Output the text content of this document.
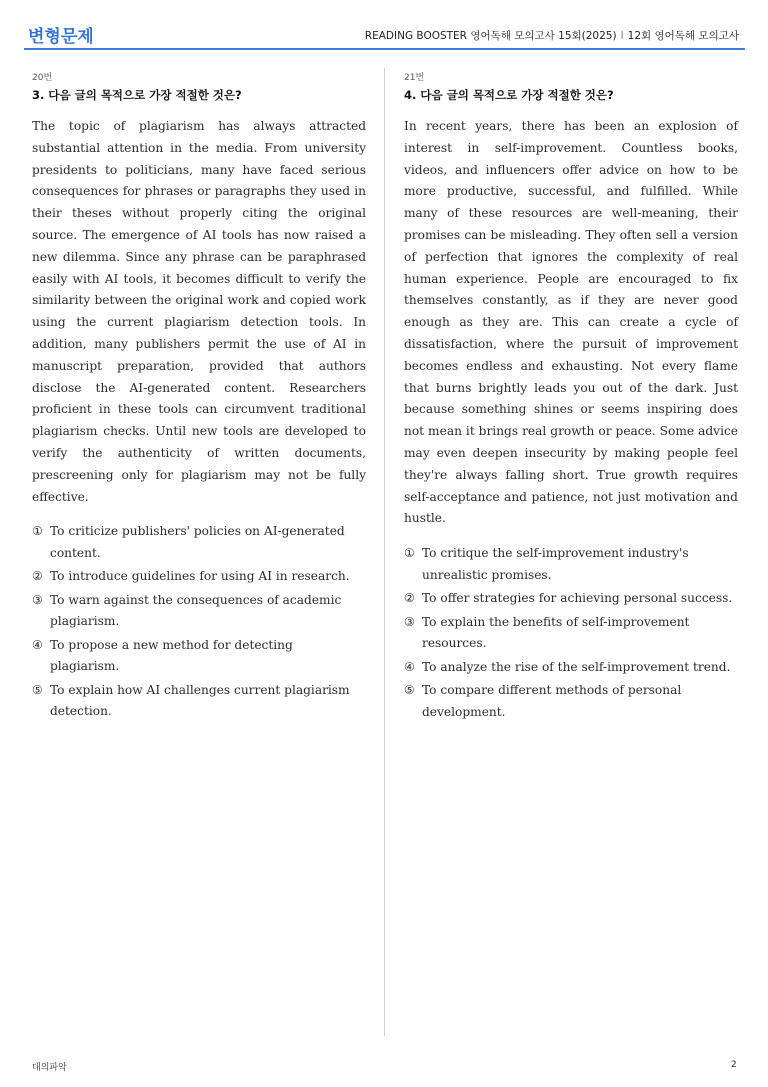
변형문제	READING BOOSTER 영어독해 모의고사 15회(2025) I 12회 영어독해 모의고사
20번
3. 다음 글의 목적으로 가장 적절한 것은?

The topic of plagiarism has always attracted substantial attention in the media. From university presidents to politicians, many have faced serious consequences for phrases or paragraphs they used in their theses without properly citing the original source. The emergence of AI tools has now raised a new dilemma. Since any phrase can be paraphrased easily with AI tools, it becomes difficult to verify the similarity between the original work and copied work using the current plagiarism detection tools. In addition, many publishers permit the use of AI in manuscript preparation, provided that authors disclose the AI-generated content. Researchers proficient in these tools can circumvent traditional plagiarism checks. Until new tools are developed to verify the authenticity of written documents, prescreening only for plagiarism may not be fully effective.

① To criticize publishers' policies on AI-generated content.
② To introduce guidelines for using AI in research.
③ To warn against the consequences of academic plagiarism.
④ To propose a new method for detecting plagiarism.
⑤ To explain how AI challenges current plagiarism detection.
21번
4. 다음 글의 목적으로 가장 적절한 것은?

In recent years, there has been an explosion of interest in self-improvement. Countless books, videos, and influencers offer advice on how to be more productive, successful, and fulfilled. While many of these resources are well-meaning, their promises can be misleading. They often sell a version of perfection that ignores the complexity of real human experience. People are encouraged to fix themselves constantly, as if they are never good enough as they are. This can create a cycle of dissatisfaction, where the pursuit of improvement becomes endless and exhausting. Not every flame that burns brightly leads you out of the dark. Just because something shines or seems inspiring does not mean it brings real growth or peace. Some advice may even deepen insecurity by making people feel they're always falling short. True growth requires self-acceptance and patience, not just motivation and hustle.

① To critique the self-improvement industry's unrealistic promises.
② To offer strategies for achieving personal success.
③ To explain the benefits of self-improvement resources.
④ To analyze the rise of the self-improvement trend.
⑤ To compare different methods of personal development.
대의파악	2
